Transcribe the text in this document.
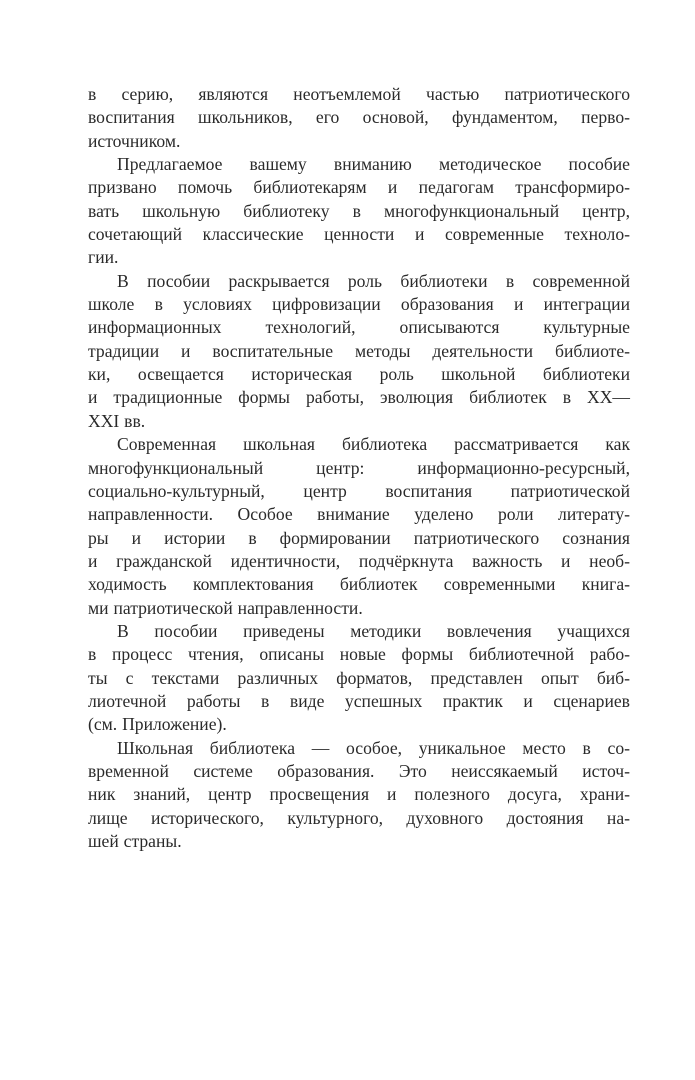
в серию, являются неотъемлемой частью патриотического
воспитания школьников, его основой, фундаментом, перво-
источником.

Предлагаемое вашему вниманию методическое пособие
призвано помочь библиотекарям и педагогам трансформиро-
вать школьную библиотеку в многофункциональный центр,
сочетающий классические ценности и современные техноло-
гии.

В пособии раскрывается роль библиотеки в современной
школе в условиях цифровизации образования и интеграции
информационных технологий, описываются культурные
традиции и воспитательные методы деятельности библиоте-
ки, освещается историческая роль школьной библиотеки
и традиционные формы работы, эволюция библиотек в XX—
XXI вв.

Современная школьная библиотека рассматривается как
многофункциональный центр: информационно-ресурсный,
социально-культурный, центр воспитания патриотической
направленности. Особое внимание уделено роли литерату-
ры и истории в формировании патриотического сознания
и гражданской идентичности, подчёркнута важность и необ-
ходимость комплектования библиотек современными книга-
ми патриотической направленности.

В пособии приведены методики вовлечения учащихся
в процесс чтения, описаны новые формы библиотечной рабо-
ты с текстами различных форматов, представлен опыт биб-
лиотечной работы в виде успешных практик и сценариев
(см. Приложение).

Школьная библиотека — особое, уникальное место в со-
временной системе образования. Это неиссякаемый источ-
ник знаний, центр просвещения и полезного досуга, храни-
лище исторического, культурного, духовного достояния на-
шей страны.
